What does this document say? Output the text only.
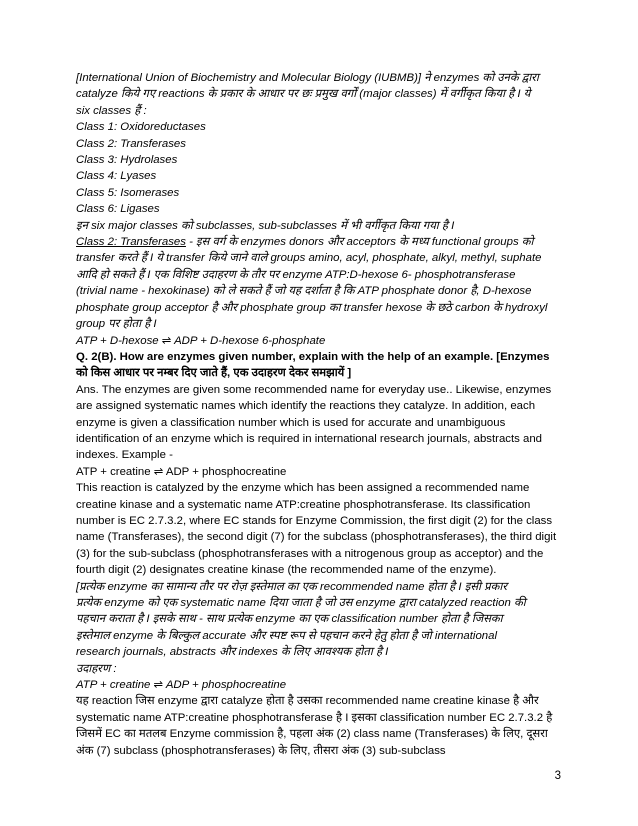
[International Union of Biochemistry and Molecular Biology (IUBMB)] ने enzymes को उनके द्वारा

catalyze किये गए reactions के प्रकार के आधार पर छः प्रमुख वर्गों (major classes) में वर्गीकृत किया है I ये

six classes हैं :

Class 1: Oxidoreductases

Class 2: Transferases

Class 3: Hydrolases

Class 4: Lyases

Class 5: Isomerases

Class 6: Ligases

इन six major classes को subclasses, sub-subclasses में भी वर्गीकृत किया गया है I

Class 2: Transferases - इस वर्ग के enzymes donors और acceptors के मध्य functional groups को

transfer करते हैं I ये transfer किये जाने वाले groups amino, acyl, phosphate, alkyl, methyl, suphate

आदि हो सकते हैं I एक विशिष्ट उदाहरण के तौर पर enzyme ATP:D-hexose 6- phosphotransferase

(trivial name - hexokinase) को ले सकते हैं जो यह दर्शाता है कि ATP phosphate donor है, D-hexose

phosphate group acceptor है और phosphate group का transfer hexose के छठे carbon के hydroxyl

group पर होता है I

ATP + D-hexose ⇌ ADP + D-hexose 6-phosphate

Q. 2(B). How are enzymes given number, explain with the help of an example. [Enzymes

को किस आधार पर नम्बर दिए जाते हैं, एक उदाहरण देकर समझायें ]

Ans. The enzymes are given some recommended name for everyday use.. Likewise, enzymes

are assigned systematic names which identify the reactions they catalyze. In addition, each

enzyme is given a classification number which is used for accurate and unambiguous

identification of an enzyme which is required in international research journals, abstracts and

indexes. Example -

ATP + creatine ⇌ ADP + phosphocreatine

This reaction is catalyzed by the enzyme which has been assigned a recommended name

creatine kinase and a systematic name ATP:creatine phosphotransferase. Its classification

number is EC 2.7.3.2, where EC stands for Enzyme Commission, the first digit (2) for the class

name (Transferases), the second digit (7) for the subclass (phosphotransferases), the third digit

(3) for the sub-subclass (phosphotransferases with a nitrogenous group as acceptor) and the

fourth digit (2) designates creatine kinase (the recommended name of the enzyme).

[प्रत्येक enzyme का सामान्य तौर पर रोज़ इस्तेमाल का एक recommended name होता है I इसी प्रकार

प्रत्येक enzyme को एक systematic name दिया जाता है जो उस enzyme द्वारा catalyzed reaction की

पहचान कराता है I इसके साथ - साथ प्रत्येक enzyme का एक classification number होता है जिसका

इस्तेमाल enzyme के बिल्कुल accurate और स्पष्ट रूप से पहचान करने हेतु होता है जो international

research journals, abstracts और indexes के लिए आवश्यक होता है I

उदाहरण :

ATP + creatine ⇌ ADP + phosphocreatine

यह reaction जिस enzyme द्वारा catalyze होता है उसका recommended name creatine kinase है और

systematic name ATP:creatine phosphotransferase है I इसका classification number EC 2.7.3.2 है

जिसमें EC का मतलब Enzyme commission है, पहला अंक (2) class name (Transferases) के लिए, दूसरा

अंक (7) subclass (phosphotransferases) के लिए, तीसरा अंक (3) sub-subclass

3
